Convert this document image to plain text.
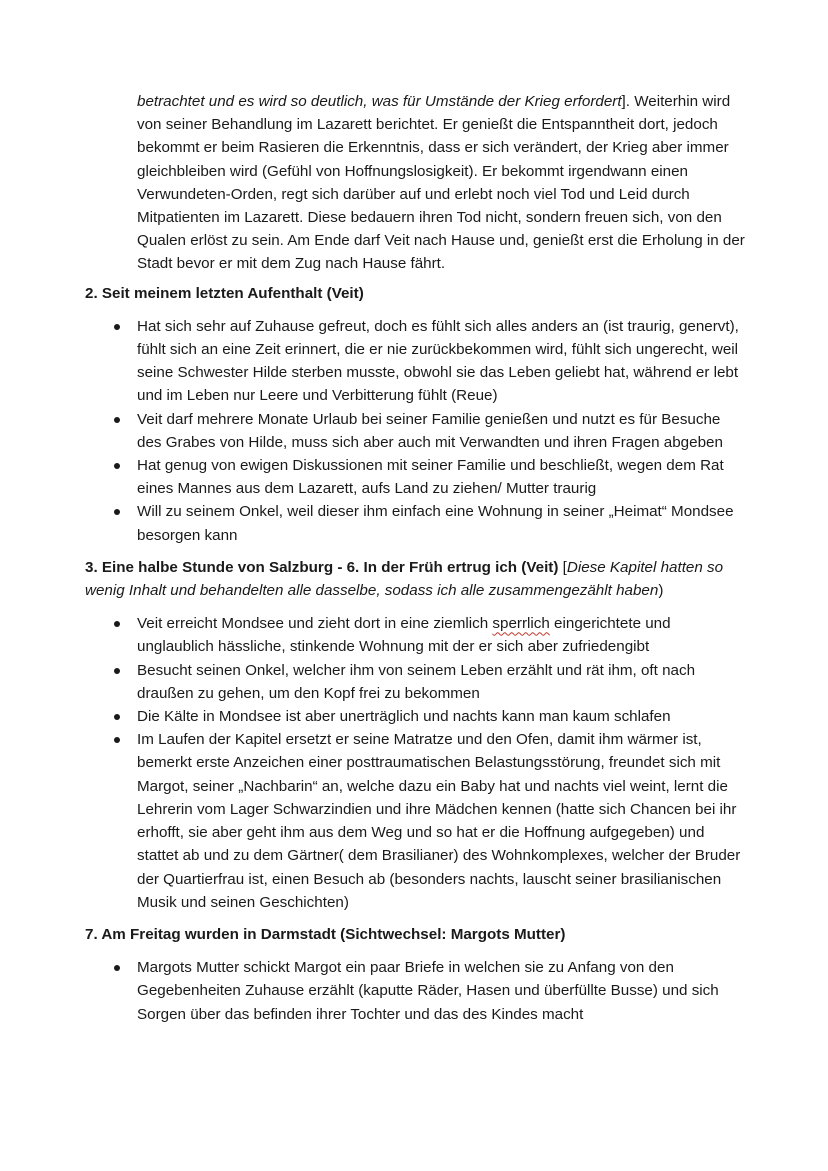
betrachtet und es wird so deutlich, was für Umstände der Krieg erfordert]. Weiterhin wird von seiner Behandlung im Lazarett berichtet. Er genießt die Entspanntheit dort, jedoch bekommt er beim Rasieren die Erkenntnis, dass er sich verändert, der Krieg aber immer gleichbleiben wird (Gefühl von Hoffnungslosigkeit). Er bekommt irgendwann einen Verwundeten-Orden, regt sich darüber auf und erlebt noch viel Tod und Leid durch Mitpatienten im Lazarett. Diese bedauern ihren Tod nicht, sondern freuen sich, von den Qualen erlöst zu sein. Am Ende darf Veit nach Hause und, genießt erst die Erholung in der Stadt bevor er mit dem Zug nach Hause fährt.

2. Seit meinem letzten Aufenthalt (Veit)

Hat sich sehr auf Zuhause gefreut, doch es fühlt sich alles anders an (ist traurig, genervt), fühlt sich an eine Zeit erinnert, die er nie zurückbekommen wird, fühlt sich ungerecht, weil seine Schwester Hilde sterben musste, obwohl sie das Leben geliebt hat, während er lebt und im Leben nur Leere und Verbitterung fühlt (Reue)
Veit darf mehrere Monate Urlaub bei seiner Familie genießen und nutzt es für Besuche des Grabes von Hilde, muss sich aber auch mit Verwandten und ihren Fragen abgeben
Hat genug von ewigen Diskussionen mit seiner Familie und beschließt, wegen dem Rat eines Mannes aus dem Lazarett, aufs Land zu ziehen/ Mutter traurig
Will zu seinem Onkel, weil dieser ihm einfach eine Wohnung in seiner „Heimat“ Mondsee besorgen kann

3. Eine halbe Stunde von Salzburg - 6. In der Früh ertrug ich (Veit) [Diese Kapitel hatten so wenig Inhalt und behandelten alle dasselbe, sodass ich alle zusammengezählt haben)

Veit erreicht Mondsee und zieht dort in eine ziemlich sperrlich eingerichtete und unglaublich hässliche, stinkende Wohnung mit der er sich aber zufriedengibt
Besucht seinen Onkel, welcher ihm von seinem Leben erzählt und rät ihm, oft nach draußen zu gehen, um den Kopf frei zu bekommen
Die Kälte in Mondsee ist aber unerträglich und nachts kann man kaum schlafen
Im Laufen der Kapitel ersetzt er seine Matratze und den Ofen, damit ihm wärmer ist, bemerkt erste Anzeichen einer posttraumatischen Belastungsstörung, freundet sich mit Margot, seiner „Nachbarin“ an, welche dazu ein Baby hat und nachts viel weint, lernt die Lehrerin vom Lager Schwarzindien und ihre Mädchen kennen (hatte sich Chancen bei ihr erhofft, sie aber geht ihm aus dem Weg und so hat er die Hoffnung aufgegeben) und stattet ab und zu dem Gärtner( dem Brasilianer) des Wohnkomplexes, welcher der Bruder der Quartierfrau ist, einen Besuch ab (besonders nachts, lauscht seiner brasilianischen Musik und seinen Geschichten)

7. Am Freitag wurden in Darmstadt (Sichtwechsel: Margots Mutter)

Margots Mutter schickt Margot ein paar Briefe in welchen sie zu Anfang von den Gegebenheiten Zuhause erzählt (kaputte Räder, Hasen und überfüllte Busse) und sich Sorgen über das befinden ihrer Tochter und das des Kindes macht
